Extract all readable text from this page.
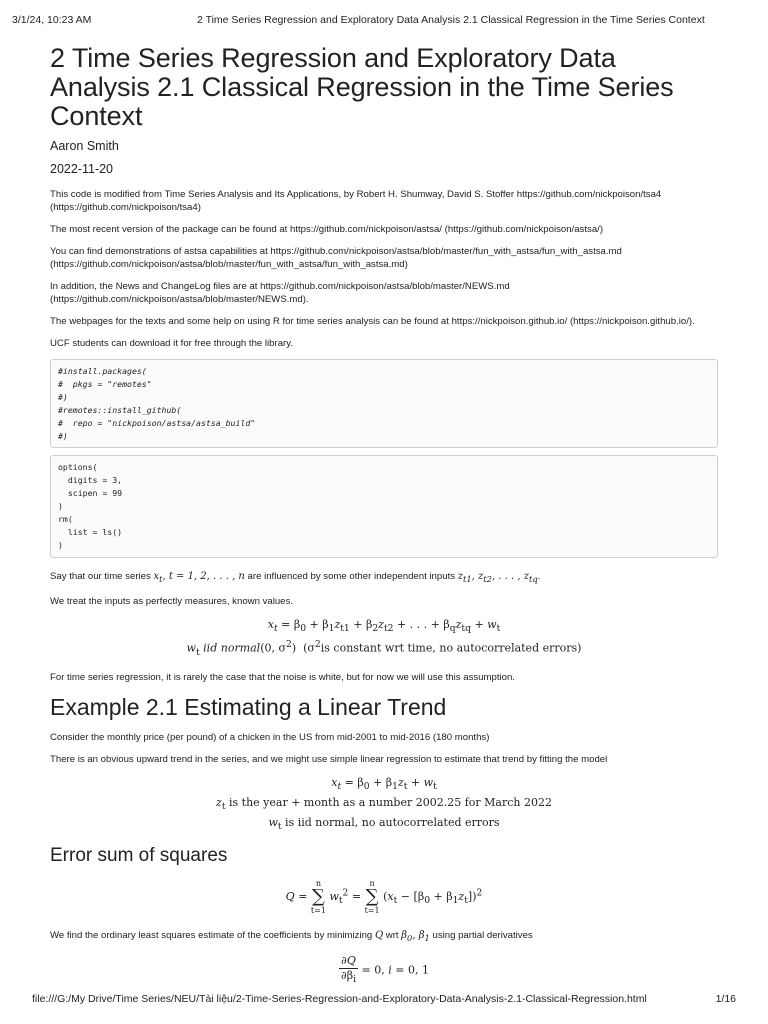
3/1/24, 10:23 AM	2 Time Series Regression and Exploratory Data Analysis 2.1 Classical Regression in the Time Series Context
2 Time Series Regression and Exploratory Data Analysis 2.1 Classical Regression in the Time Series Context
Aaron Smith
2022-11-20

This code is modified from Time Series Analysis and Its Applications, by Robert H. Shumway, David S. Stoffer https://github.com/nickpoison/tsa4 (https://github.com/nickpoison/tsa4)

The most recent version of the package can be found at https://github.com/nickpoison/astsa/ (https://github.com/nickpoison/astsa/)

You can find demonstrations of astsa capabilities at https://github.com/nickpoison/astsa/blob/master/fun_with_astsa/fun_with_astsa.md (https://github.com/nickpoison/astsa/blob/master/fun_with_astsa/fun_with_astsa.md)

In addition, the News and ChangeLog files are at https://github.com/nickpoison/astsa/blob/master/NEWS.md (https://github.com/nickpoison/astsa/blob/master/NEWS.md).

The webpages for the texts and some help on using R for time series analysis can be found at https://nickpoison.github.io/ (https://nickpoison.github.io/).

UCF students can download it for free through the library.

#install.packages(
#  pkgs = "remotes"
#)
#remotes::install_github(
#  repo = "nickpoison/astsa/astsa_build"
#)
options(
digits = 3,
scipen = 99
)
rm(
list = ls()
)

Say that our time series $x_t$, t = 1, 2, . . . , n are influenced by some other independent inputs $z_{t1}$, $z_{t2}$, . . . , $z_{tq}$.

We treat the inputs as perfectly measures, known values.

$x_t = \beta_0 + \beta_1z_{t1} + \beta_2z_{t2}$ + . . . + $\beta_qz_{tq} + w_t$
$w_t$ iid normal(0, $\sigma^2$)  ($\sigma^2is$ constant wrt time, no autocorrelated errors)

For time series regression, it is rarely the case that the noise is white, but for now we will use this assumption.

Example 2.1 Estimating a Linear Trend

Consider the monthly price (per pound) of a chicken in the US from mid-2001 to mid-2016 (180 months)

There is an obvious upward trend in the series, and we might use simple linear regression to estimate that trend by fitting the model

$x_t = \beta_0 + \beta_1z_t + w_t$
$z_t$ is the year + month as a number 2002.25 for March 2022
$w_t$ is iid normal, no autocorrelated errors
Error sum of squares
Q =
n
∑
t=1
$w_t^2$ =
n
∑
t=1
$(x_t - [\beta_0 + \beta_1z_t])^2$

We find the ordinary least squares estimate of the coefficients by minimizing Q wrt $\beta_0$, $\beta_1$ using partial derivatives

$\frac{\partial Q}{\partial\beta_i} = 0$, i = 0, 1
file:///G:/My Drive/Time Series/NEU/Tài liệu/2-Time-Series-Regression-and-Exploratory-Data-Analysis-2.1-Classical-Regression.html	1/16
